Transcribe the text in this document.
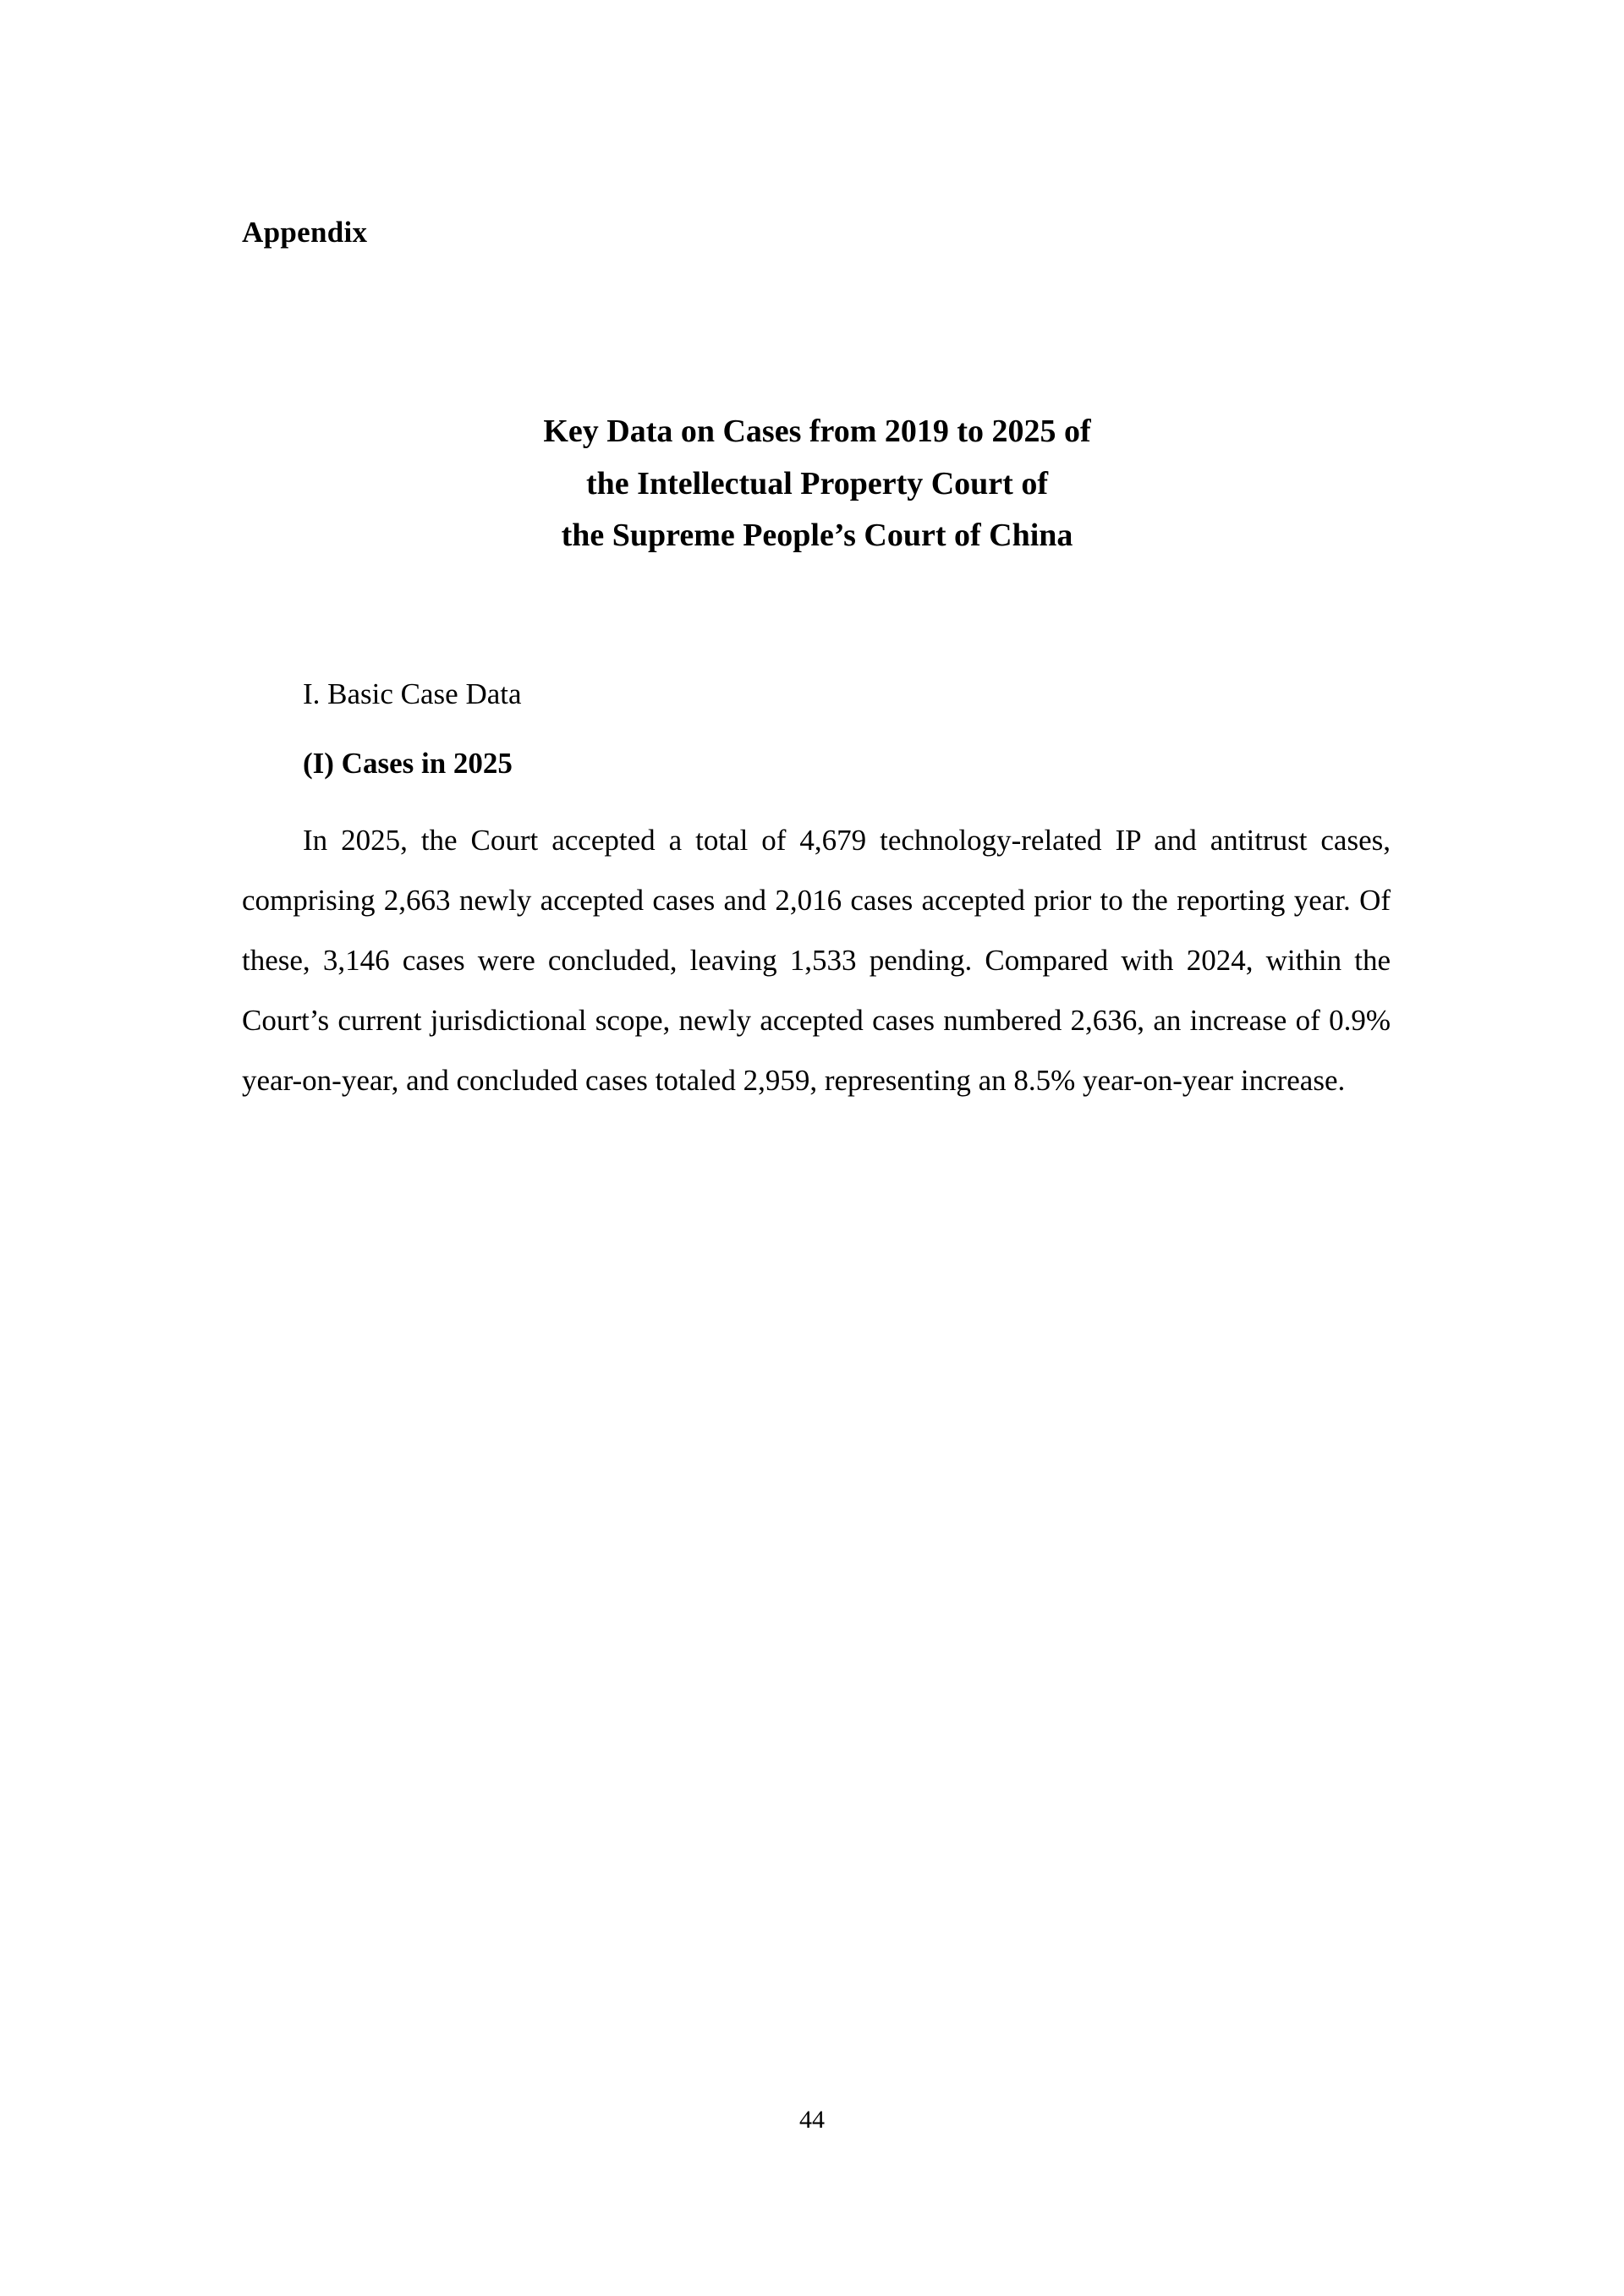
Appendix
Key Data on Cases from 2019 to 2025 of
the Intellectual Property Court of
the Supreme People’s Court of China
I. Basic Case Data
(I) Cases in 2025

In 2025, the Court accepted a total of 4,679 technology-related IP and antitrust cases, comprising 2,663 newly accepted cases and 2,016 cases accepted prior to the reporting year. Of these, 3,146 cases were concluded, leaving 1,533 pending. Compared with 2024, within the Court’s current jurisdictional scope, newly accepted cases numbered 2,636, an increase of 0.9% year-on-year, and concluded cases totaled 2,959, representing an 8.5% year-on-year increase.

44
